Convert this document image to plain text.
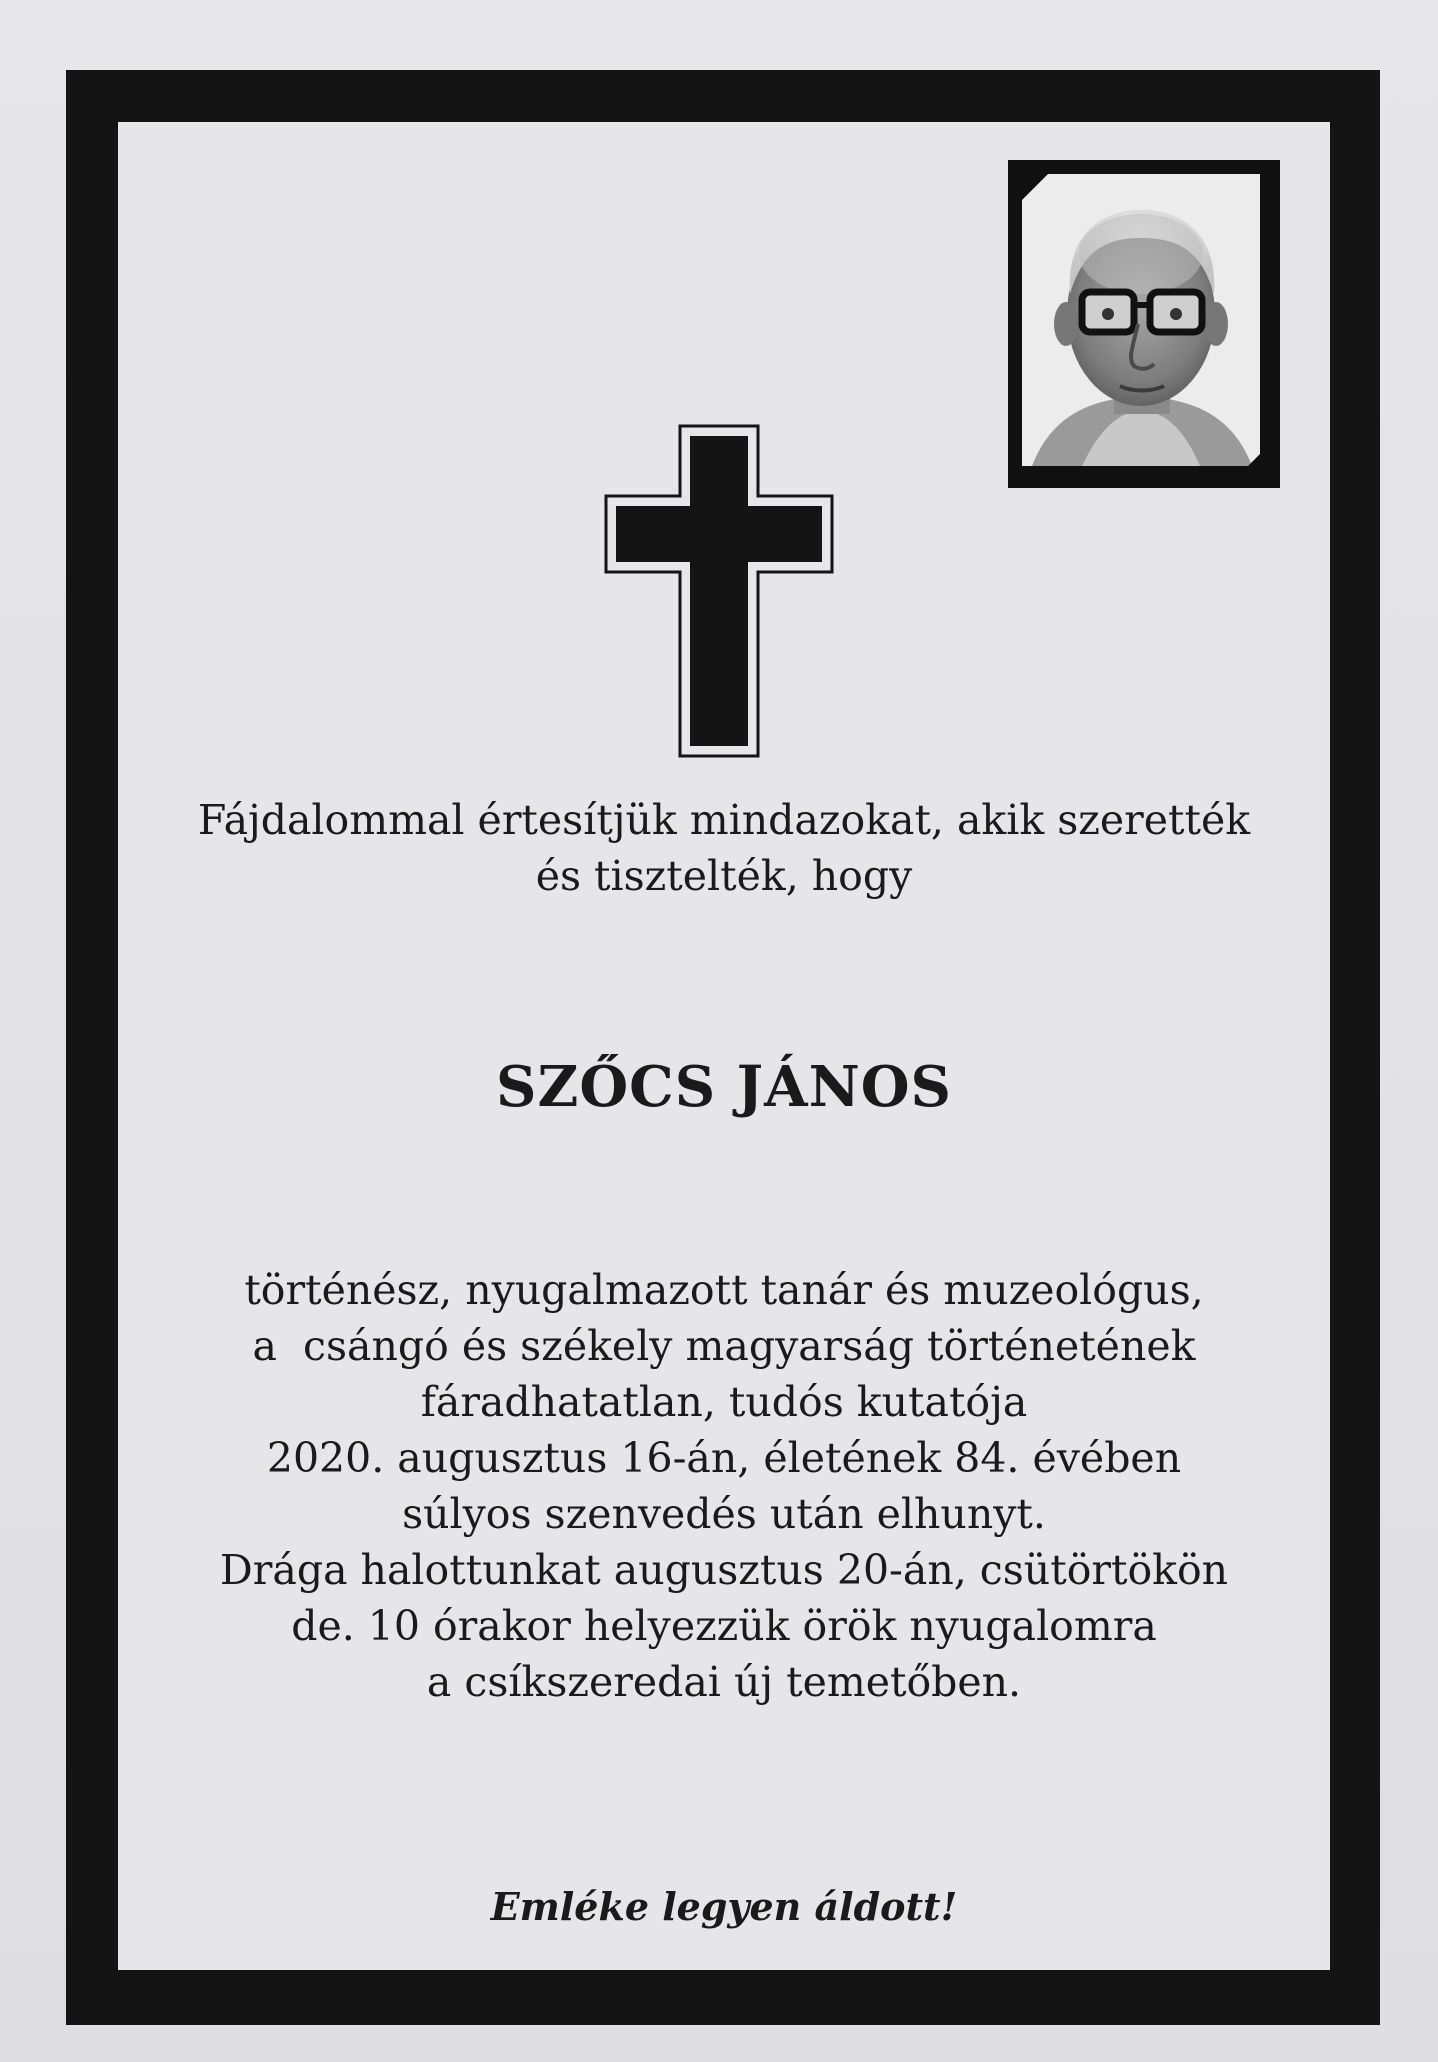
Fájdalommal értesítjük mindazokat, akik szerették
és tisztelték, hogy
SZŐCS JÁNOS
történész, nyugalmazott tanár és muzeológus,
a  csángó és székely magyarság történetének
fáradhatatlan, tudós kutatója
2020. augusztus 16-án, életének 84. évében
súlyos szenvedés után elhunyt.
Drága halottunkat augusztus 20-án, csütörtökön
de. 10 órakor helyezzük örök nyugalomra
a csíkszeredai új temetőben.
Emléke legyen áldott!
